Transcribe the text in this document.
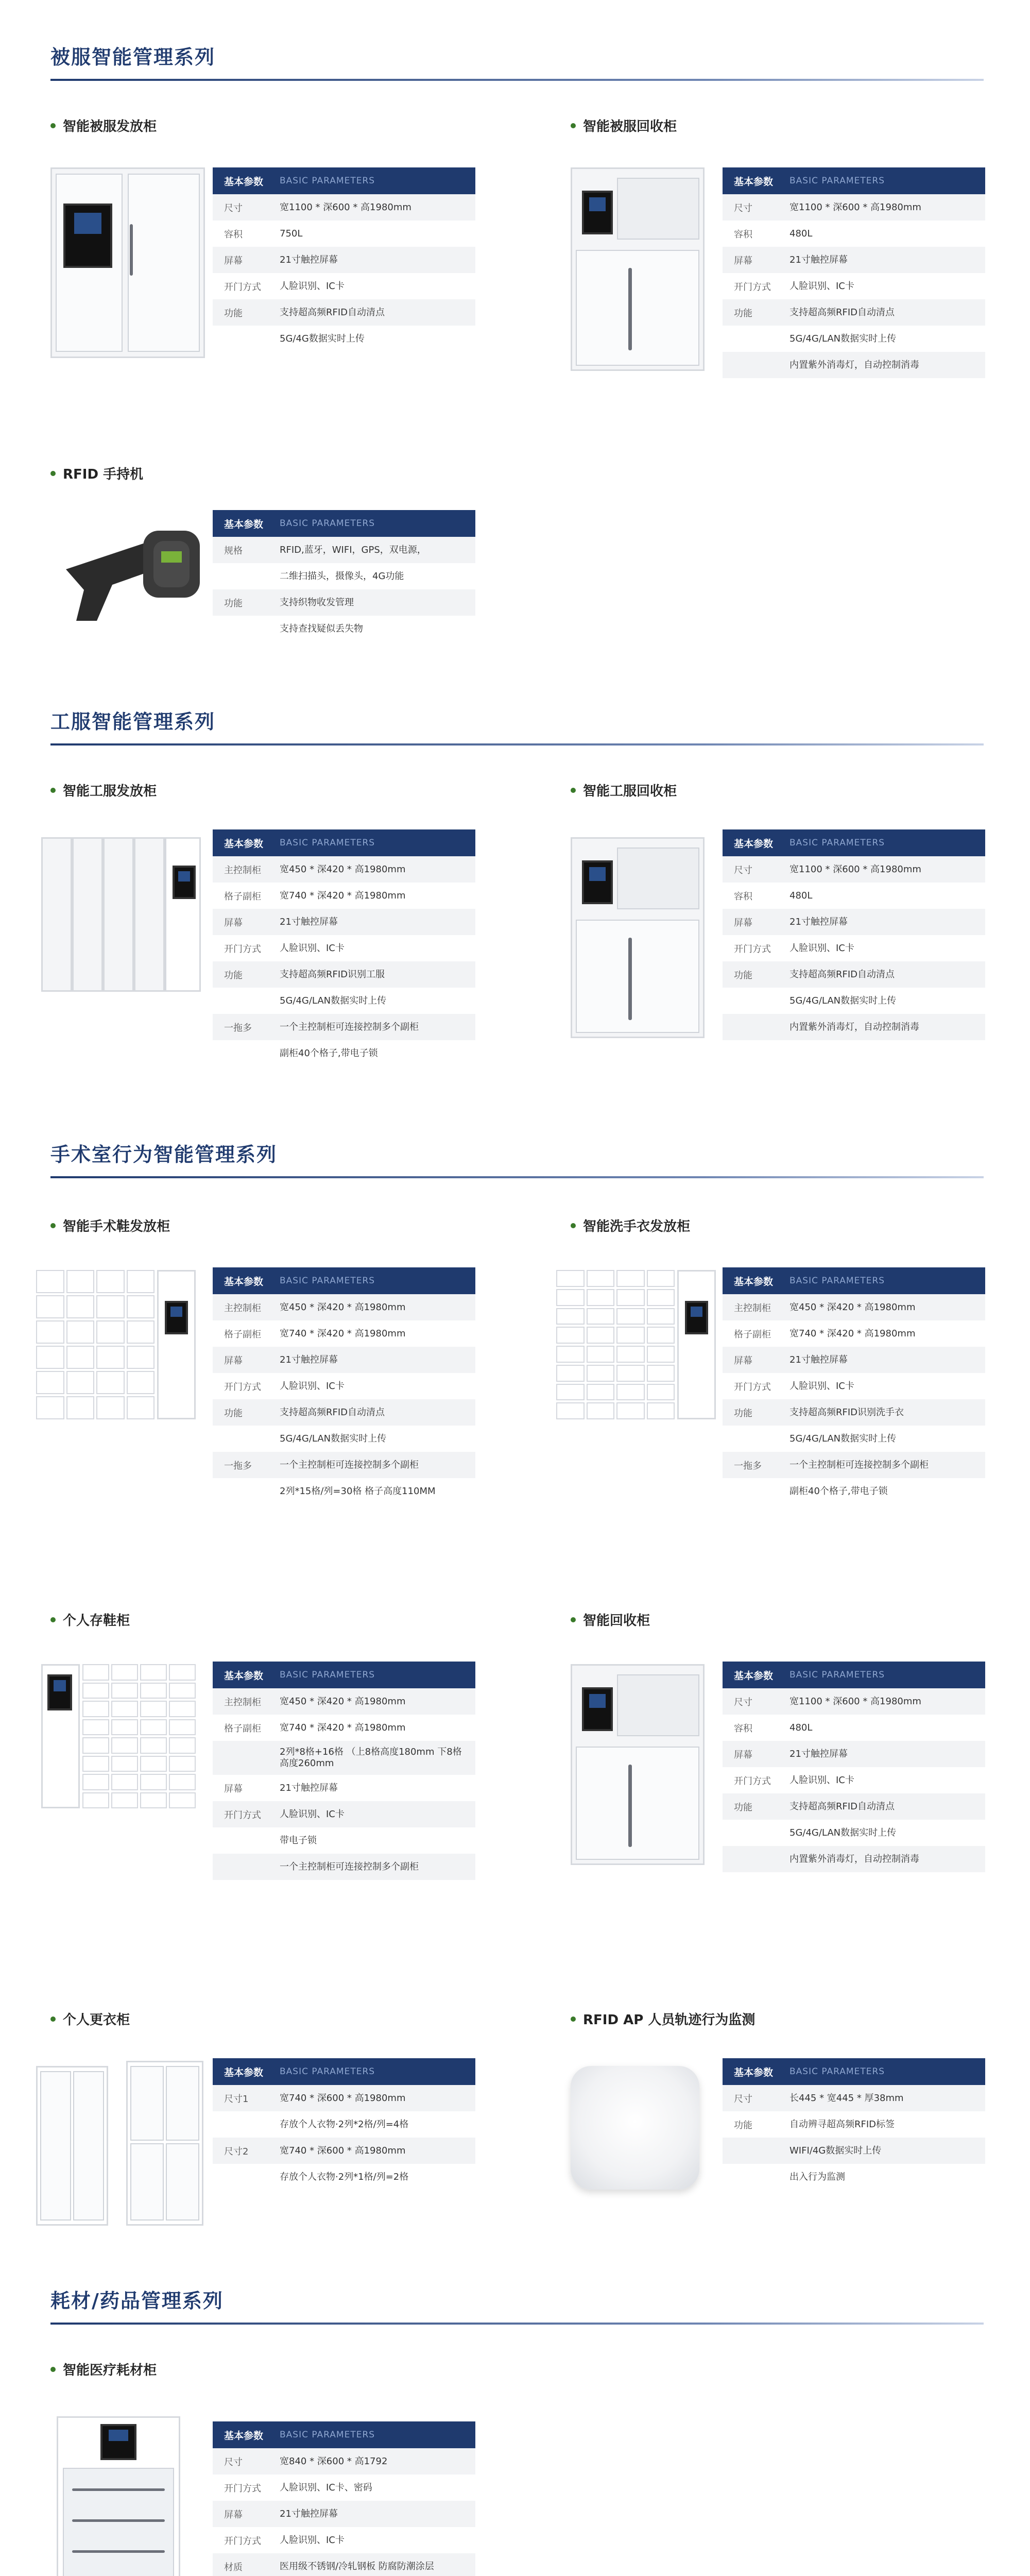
被服智能管理系列
工服智能管理系列
手术室行为智能管理系列
耗材/药品管理系列
智能被服发放柜
基本参数	BASIC PARAMETERS
尺寸	宽1100 * 深600 * 高1980mm
容积	750L
屏幕	21寸触控屏幕
开门方式	人脸识别、IC卡
功能	支持超高频RFID自动清点
5G/4G数据实时上传
智能被服回收柜
基本参数	BASIC PARAMETERS
尺寸	宽1100 * 深600 * 高1980mm
容积	480L
屏幕	21寸触控屏幕
开门方式	人脸识别、IC卡
功能	支持超高频RFID自动清点
5G/4G/LAN数据实时上传
内置紫外消毒灯，自动控制消毒
RFID 手持机
基本参数	BASIC PARAMETERS
规格	RFID,蓝牙，WIFI，GPS，双电源，
二维扫描头，摄像头，4G功能
功能	支持织物收发管理
支持查找疑似丢失物
智能工服发放柜
基本参数	BASIC PARAMETERS
主控制柜	宽450 * 深420 * 高1980mm
格子副柜	宽740 * 深420 * 高1980mm
屏幕	21寸触控屏幕
开门方式	人脸识别、IC卡
功能	支持超高频RFID识别工服
5G/4G/LAN数据实时上传
一拖多	一个主控制柜可连接控制多个副柜
副柜40个格子,带电子锁
智能工服回收柜
基本参数	BASIC PARAMETERS
尺寸	宽1100 * 深600 * 高1980mm
容积	480L
屏幕	21寸触控屏幕
开门方式	人脸识别、IC卡
功能	支持超高频RFID自动清点
5G/4G/LAN数据实时上传
内置紫外消毒灯，自动控制消毒
智能手术鞋发放柜
基本参数	BASIC PARAMETERS
主控制柜	宽450 * 深420 * 高1980mm
格子副柜	宽740 * 深420 * 高1980mm
屏幕	21寸触控屏幕
开门方式	人脸识别、IC卡
功能	支持超高频RFID自动清点
5G/4G/LAN数据实时上传
一拖多	一个主控制柜可连接控制多个副柜
2列*15格/列=30格 格子高度110MM
智能洗手衣发放柜
基本参数	BASIC PARAMETERS
主控制柜	宽450 * 深420 * 高1980mm
格子副柜	宽740 * 深420 * 高1980mm
屏幕	21寸触控屏幕
开门方式	人脸识别、IC卡
功能	支持超高频RFID识别洗手衣
5G/4G/LAN数据实时上传
一拖多	一个主控制柜可连接控制多个副柜
副柜40个格子,带电子锁
个人存鞋柜
基本参数	BASIC PARAMETERS
主控制柜	宽450 * 深420 * 高1980mm
格子副柜	宽740 * 深420 * 高1980mm
2列*8格+16格 （上8格高度180mm 下8格高度260mm
屏幕	21寸触控屏幕
开门方式	人脸识别、IC卡
带电子锁
一个主控制柜可连接控制多个副柜
智能回收柜
基本参数	BASIC PARAMETERS
尺寸	宽1100 * 深600 * 高1980mm
容积	480L
屏幕	21寸触控屏幕
开门方式	人脸识别、IC卡
功能	支持超高频RFID自动清点
5G/4G/LAN数据实时上传
内置紫外消毒灯，自动控制消毒
个人更衣柜
基本参数	BASIC PARAMETERS
尺寸1	宽740 * 深600 * 高1980mm
存放个人衣物·2列*2格/列=4格
尺寸2	宽740 * 深600 * 高1980mm
存放个人衣物·2列*1格/列=2格
RFID AP 人员轨迹行为监测
基本参数	BASIC PARAMETERS
尺寸	长445 * 宽445 * 厚38mm
功能	自动辨寻超高频RFID标签
WIFI/4G数据实时上传
出入行为监测
智能医疗耗材柜
基本参数	BASIC PARAMETERS
尺寸	宽840 * 深600 * 高1792
开门方式	人脸识别、IC卡、密码
屏幕	21寸触控屏幕
开门方式	人脸识别、IC卡
材质	医用级不锈钢/冷轧钢板 防腐防潮涂层
